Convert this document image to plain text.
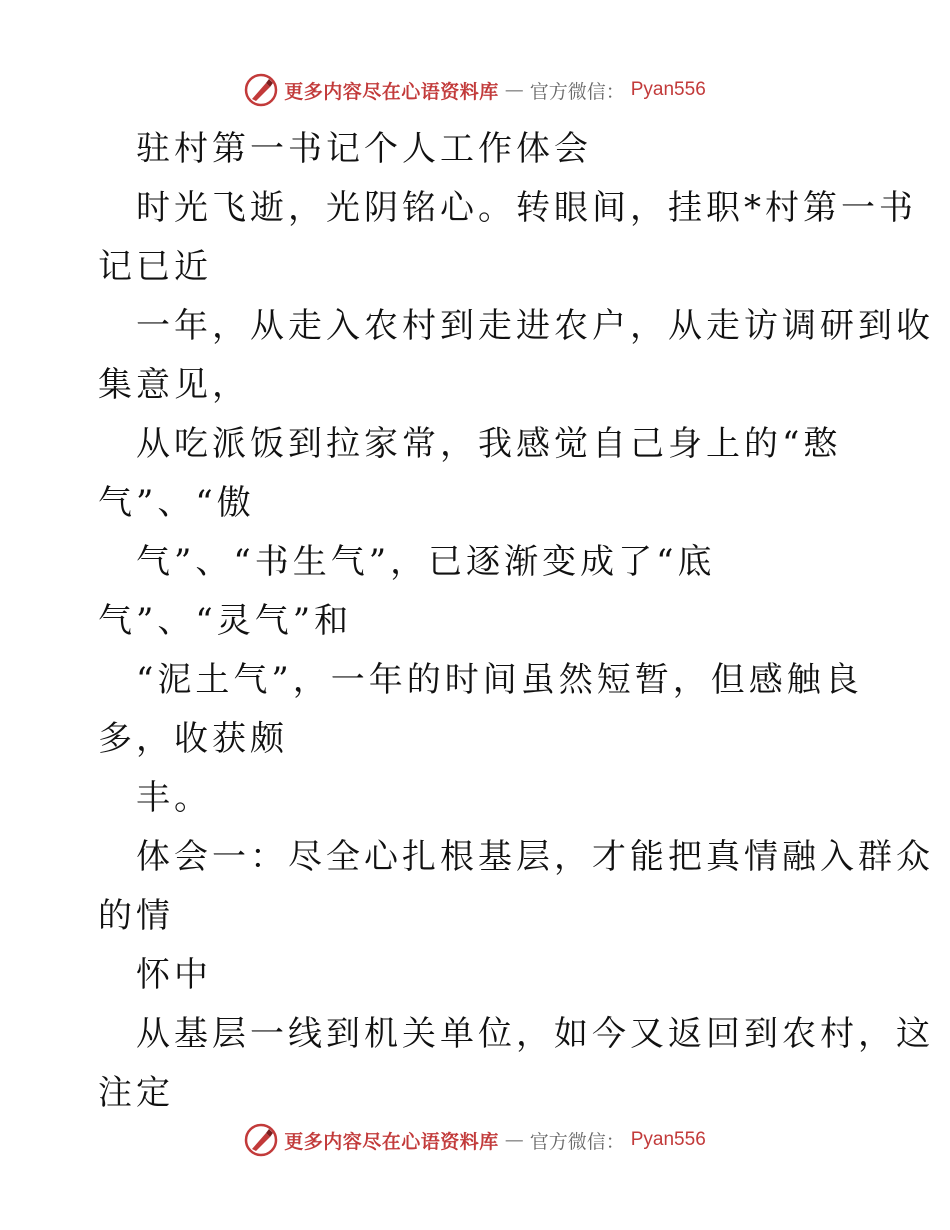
更多内容尽在心语资料库 — 官方微信： Pyan556
驻村第一书记个人工作体会
时光飞逝，光阴铭心。转眼间，挂职*村第一书
记已近
一年，从走入农村到走进农户，从走访调研到收
集意见，
从吃派饭到拉家常，我感觉自己身上的“憨
气”、“傲
气”、“书生气”，已逐渐变成了“底
气”、“灵气”和
“泥土气”，一年的时间虽然短暂，但感触良
多，收获颇
丰。
体会一：尽全心扎根基层，才能把真情融入群众
的情
怀中
从基层一线到机关单位，如今又返回到农村，这
注定
更多内容尽在心语资料库 — 官方微信： Pyan556
